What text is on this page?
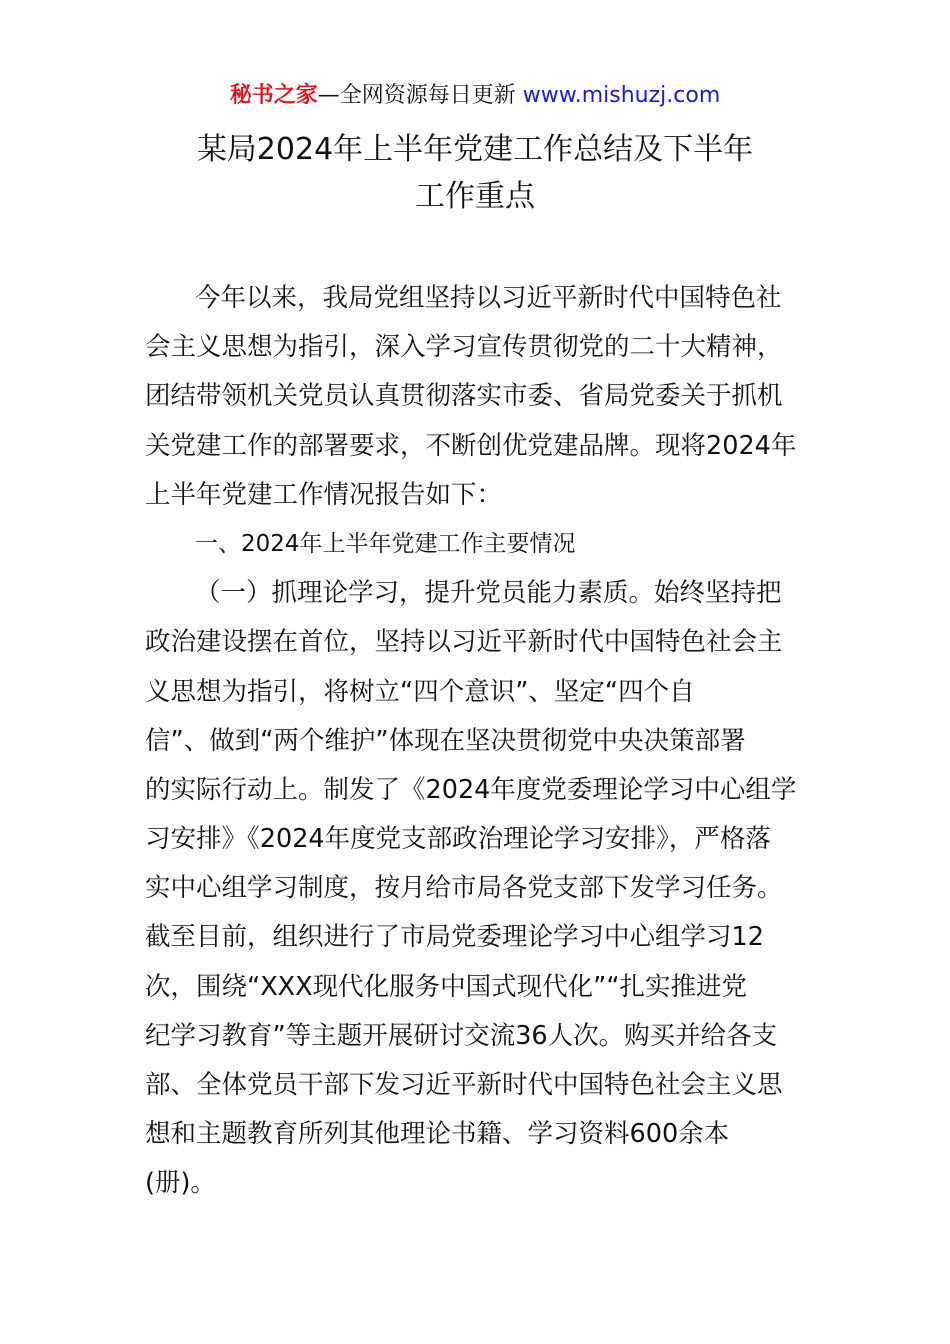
秘书之家—全网资源每日更新 www.mishuzj.com
某局2024年上半年党建工作总结及下半年
工作重点
今年以来，我局党组坚持以习近平新时代中国特色社
会主义思想为指引，深入学习宣传贯彻党的二十大精神，
团结带领机关党员认真贯彻落实市委、省局党委关于抓机
关党建工作的部署要求，不断创优党建品牌。现将2024年
上半年党建工作情况报告如下：
一、2024年上半年党建工作主要情况
（一）抓理论学习，提升党员能力素质。始终坚持把
政治建设摆在首位，坚持以习近平新时代中国特色社会主
义思想为指引，将树立“四个意识”、坚定“四个自
信”、做到“两个维护”体现在坚决贯彻党中央决策部署
的实际行动上。制发了《2024年度党委理论学习中心组学
习安排》《2024年度党支部政治理论学习安排》，严格落
实中心组学习制度，按月给市局各党支部下发学习任务。
截至目前，组织进行了市局党委理论学习中心组学习12
次，围绕“XXX现代化服务中国式现代化”“扎实推进党
纪学习教育”等主题开展研讨交流36人次。购买并给各支
部、全体党员干部下发习近平新时代中国特色社会主义思
想和主题教育所列其他理论书籍、学习资料600余本
(册)。
